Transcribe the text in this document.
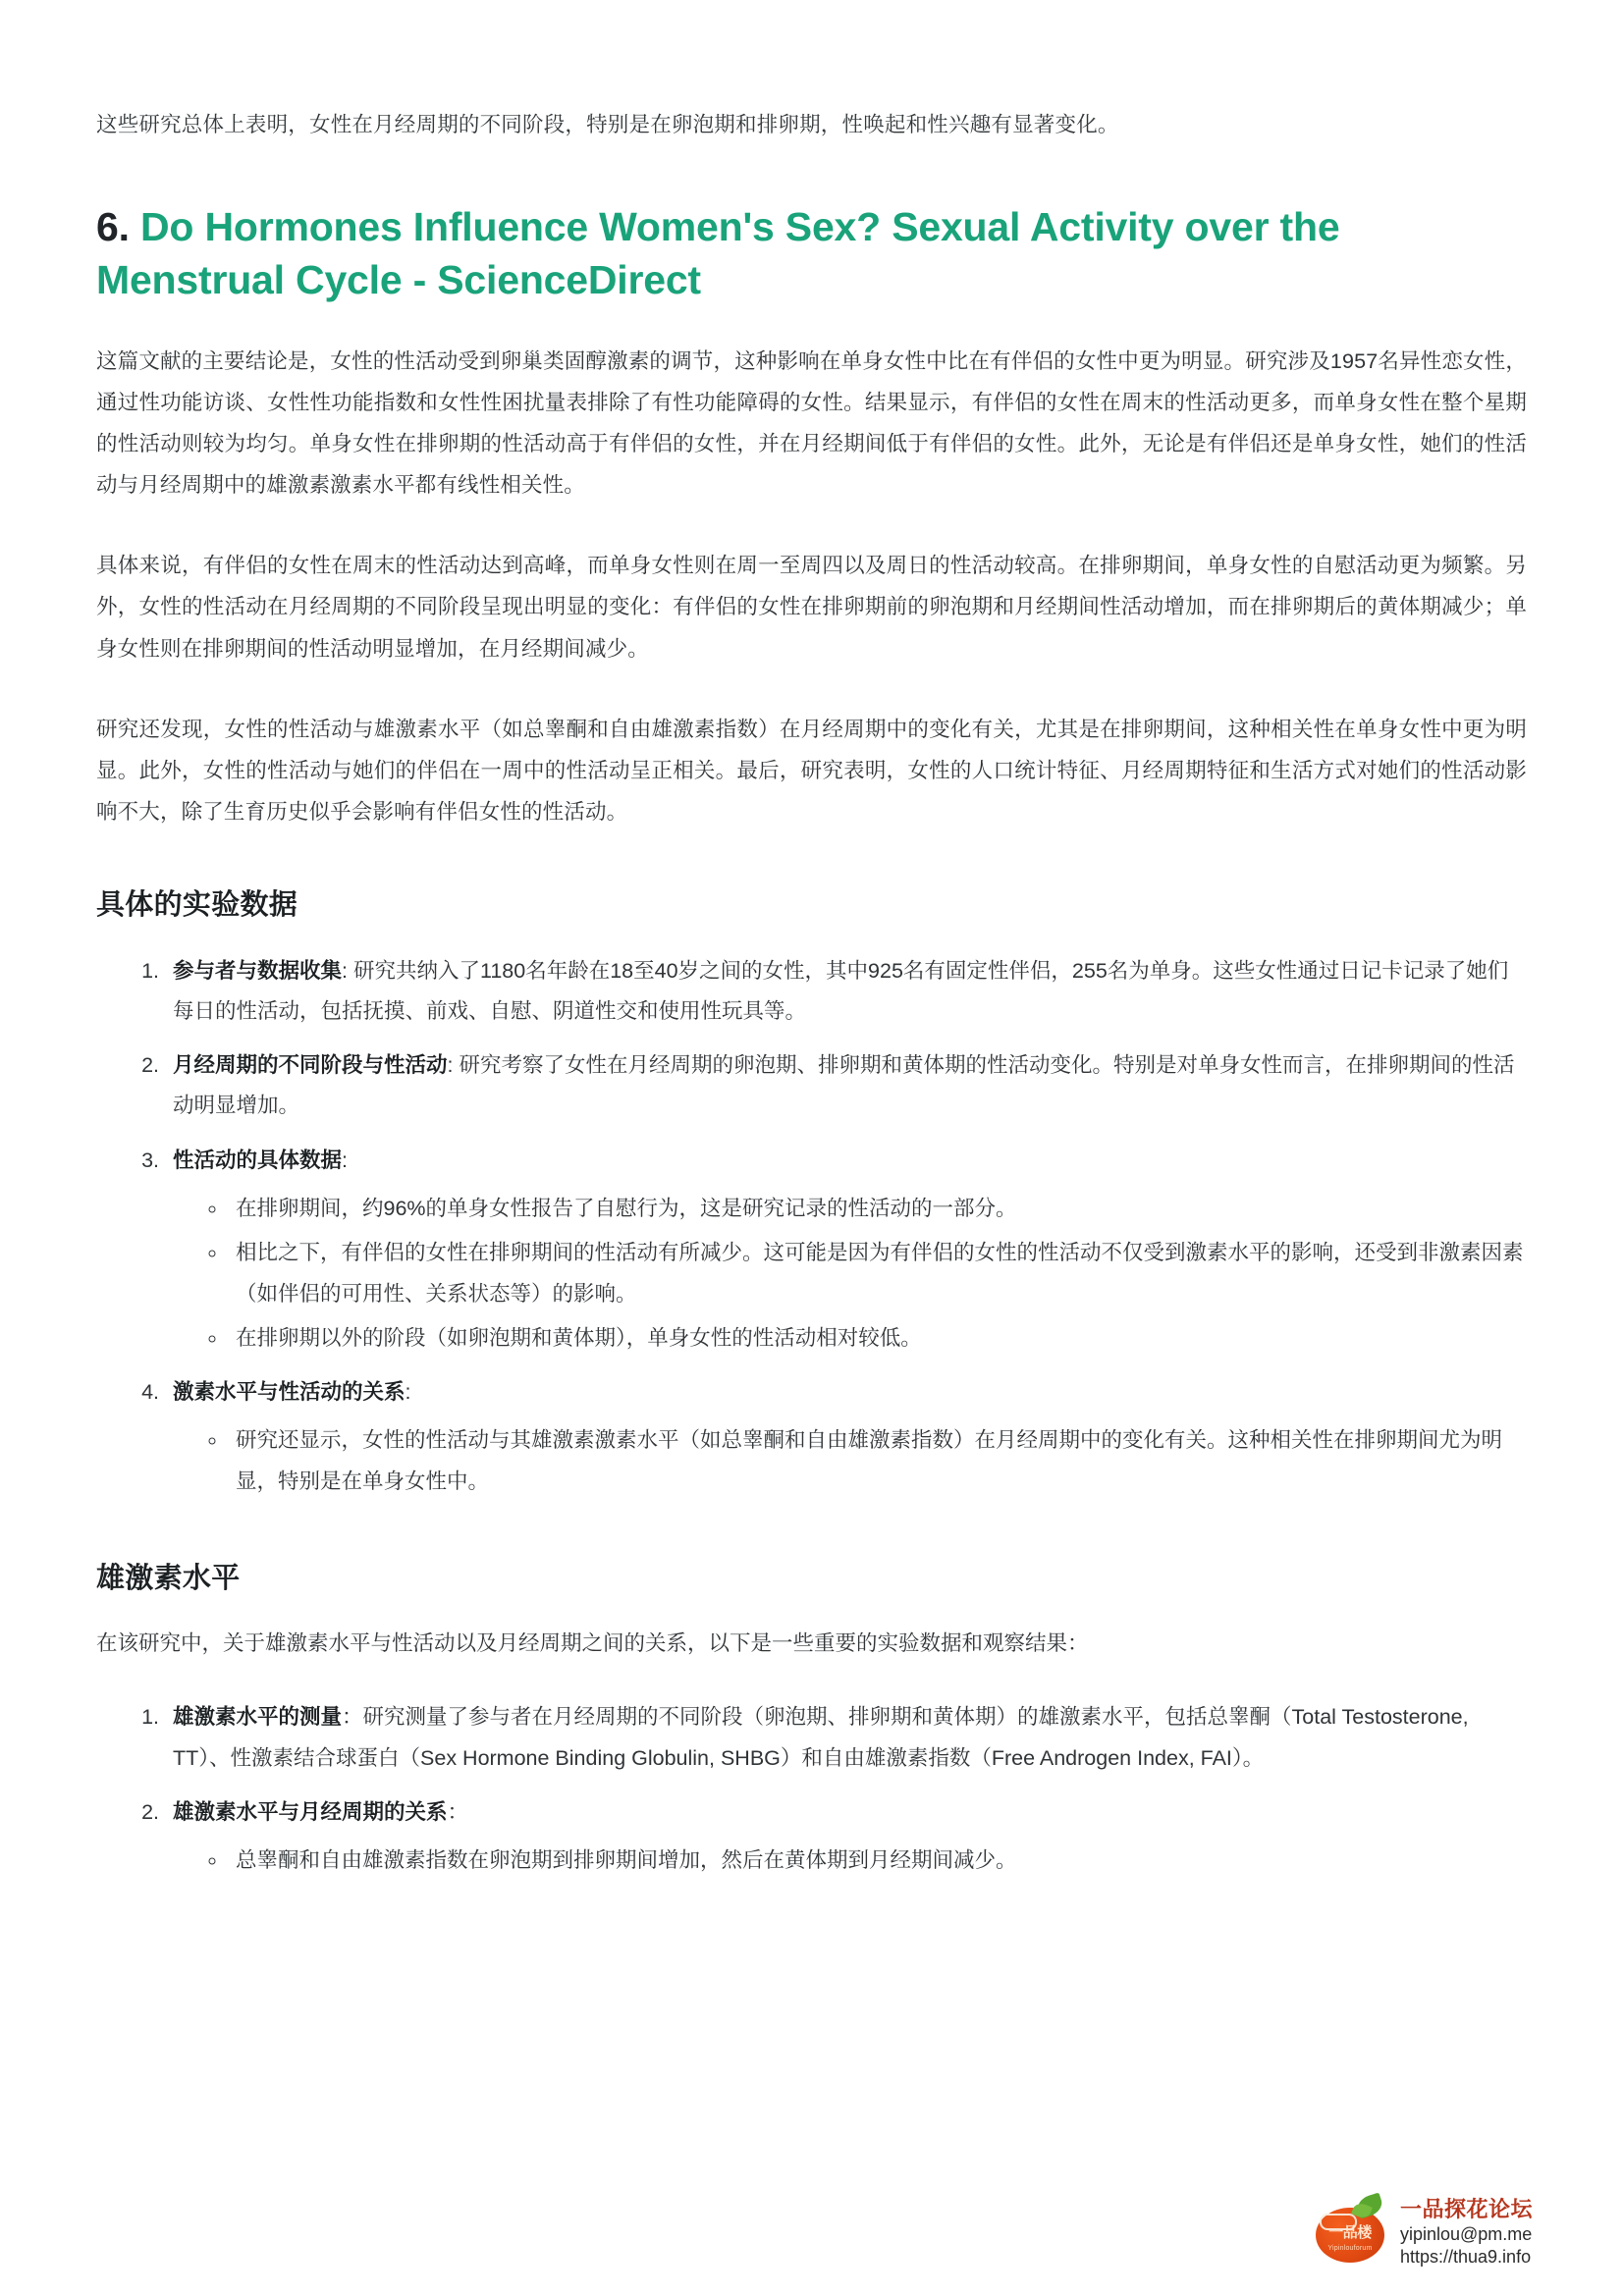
这些研究总体上表明，女性在月经周期的不同阶段，特别是在卵泡期和排卵期，性唤起和性兴趣有显著变化。

6. Do Hormones Influence Women's Sex? Sexual Activity over the Menstrual Cycle - ScienceDirect

这篇文献的主要结论是，女性的性活动受到卵巢类固醇激素的调节，这种影响在单身女性中比在有伴侣的女性中更为明显。研究涉及1957名异性恋女性，通过性功能访谈、女性性功能指数和女性性困扰量表排除了有性功能障碍的女性。结果显示，有伴侣的女性在周末的性活动更多，而单身女性在整个星期的性活动则较为均匀。单身女性在排卵期的性活动高于有伴侣的女性，并在月经期间低于有伴侣的女性。此外，无论是有伴侣还是单身女性，她们的性活动与月经周期中的雄激素激素水平都有线性相关性。

具体来说，有伴侣的女性在周末的性活动达到高峰，而单身女性则在周一至周四以及周日的性活动较高。在排卵期间，单身女性的自慰活动更为频繁。另外，女性的性活动在月经周期的不同阶段呈现出明显的变化：有伴侣的女性在排卵期前的卵泡期和月经期间性活动增加，而在排卵期后的黄体期减少；单身女性则在排卵期间的性活动明显增加，在月经期间减少。

研究还发现，女性的性活动与雄激素水平（如总睾酮和自由雄激素指数）在月经周期中的变化有关，尤其是在排卵期间，这种相关性在单身女性中更为明显。此外，女性的性活动与她们的伴侣在一周中的性活动呈正相关。最后，研究表明，女性的人口统计特征、月经周期特征和生活方式对她们的性活动影响不大，除了生育历史似乎会影响有伴侣女性的性活动。

具体的实验数据
1. 参与者与数据收集: 研究共纳入了1180名年龄在18至40岁之间的女性，其中925名有固定性伴侣，255名为单身。这些女性通过日记卡记录了她们每日的性活动，包括抚摸、前戏、自慰、阴道性交和使用性玩具等。
2. 月经周期的不同阶段与性活动: 研究考察了女性在月经周期的卵泡期、排卵期和黄体期的性活动变化。特别是对单身女性而言，在排卵期间的性活动明显增加。
3. 性活动的具体数据:
◦ 在排卵期间，约96%的单身女性报告了自慰行为，这是研究记录的性活动的一部分。
◦ 相比之下，有伴侣的女性在排卵期间的性活动有所减少。这可能是因为有伴侣的女性的性活动不仅受到激素水平的影响，还受到非激素因素（如伴侣的可用性、关系状态等）的影响。
◦ 在排卵期以外的阶段（如卵泡期和黄体期），单身女性的性活动相对较低。
4. 激素水平与性活动的关系:
◦ 研究还显示，女性的性活动与其雄激素激素水平（如总睾酮和自由雄激素指数）在月经周期中的变化有关。这种相关性在排卵期间尤为明显，特别是在单身女性中。
雄激素水平

在该研究中，关于雄激素水平与性活动以及月经周期之间的关系，以下是一些重要的实验数据和观察结果：

1. 雄激素水平的测量：研究测量了参与者在月经周期的不同阶段（卵泡期、排卵期和黄体期）的雄激素水平，包括总睾酮（Total Testosterone, TT）、性激素结合球蛋白（Sex Hormone Binding Globulin, SHBG）和自由雄激素指数（Free Androgen Index, FAI）。
2. 雄激素水平与月经周期的关系：
◦ 总睾酮和自由雄激素指数在卵泡期到排卵期间增加，然后在黄体期到月经期间减少。
一品楼
Yipinlouforum
一品探花论坛
yipinlou@pm.me
https://thua9.info
